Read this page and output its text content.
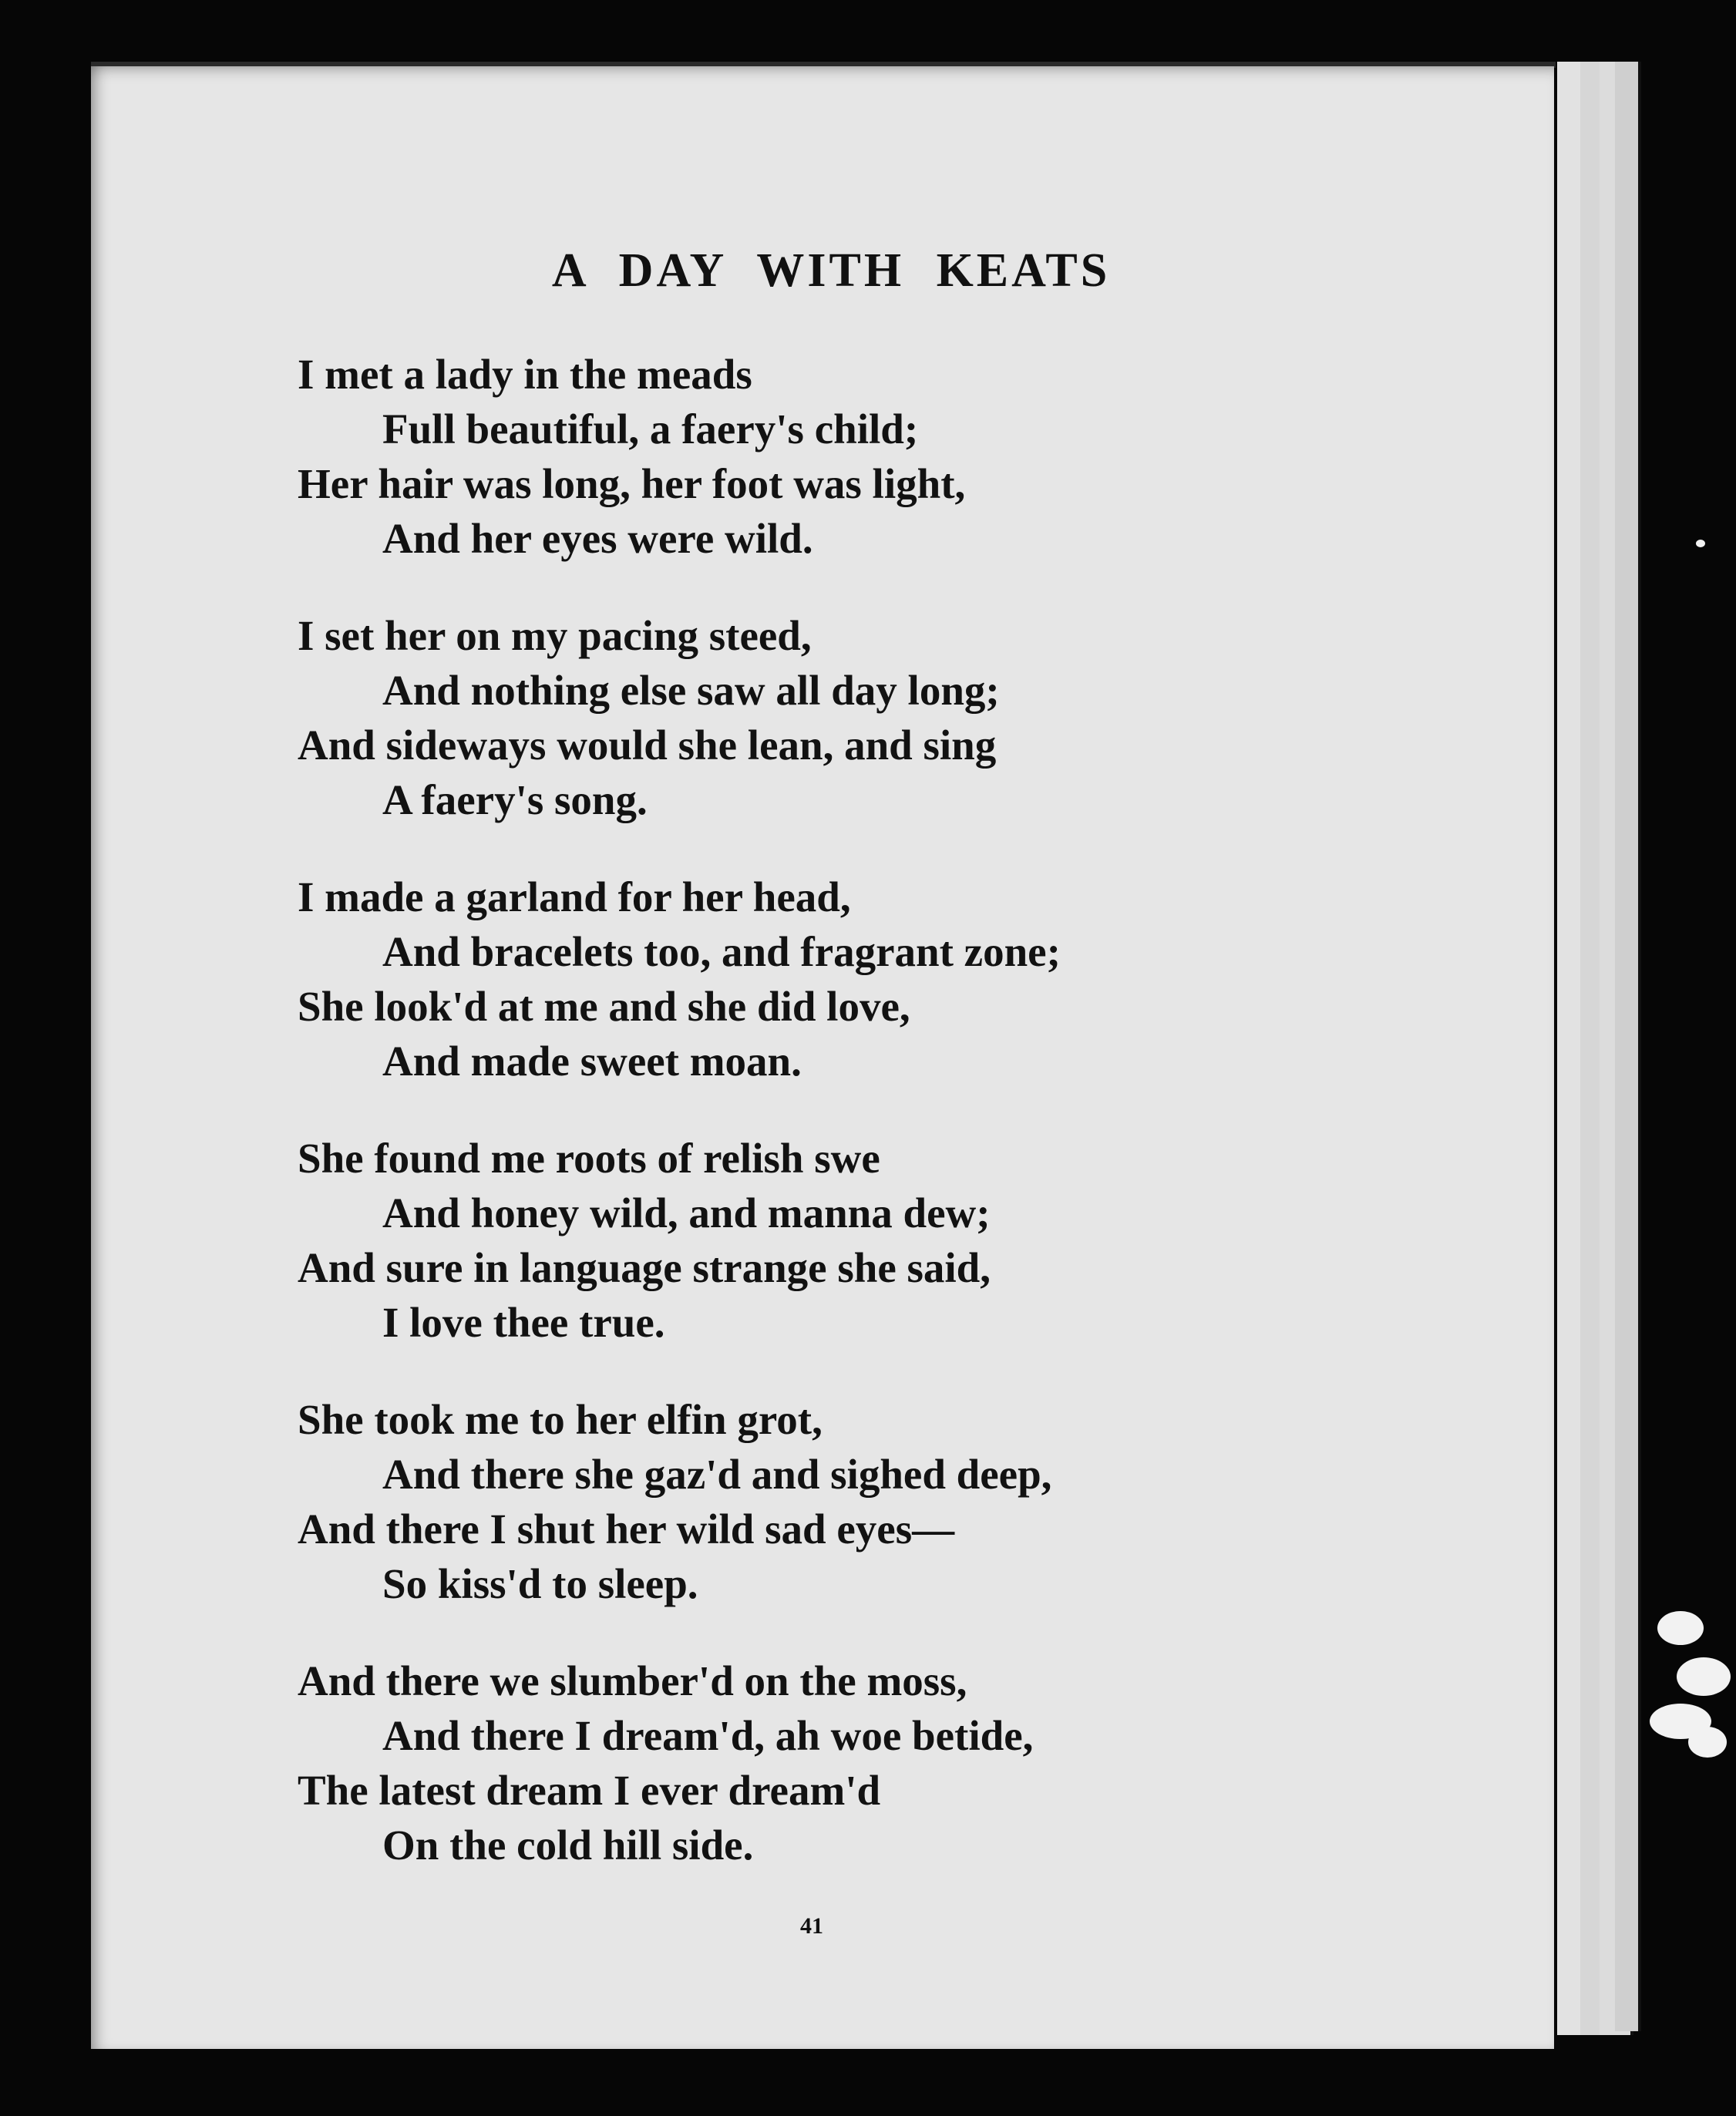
A DAY WITH KEATS
I met a lady in the meads
Full beautiful, a faery's child;
Her hair was long, her foot was light,
And her eyes were wild.
I set her on my pacing steed,
And nothing else saw all day long;
And sideways would she lean, and sing
A faery's song.
I made a garland for her head,
And bracelets too, and fragrant zone;
She look'd at me and she did love,
And made sweet moan.
She found me roots of relish swe
And honey wild, and manna dew;
And sure in language strange she said,
I love thee true.
She took me to her elfin grot,
And there she gaz'd and sighed deep,
And there I shut her wild sad eyes—
So kiss'd to sleep.
And there we slumber'd on the moss,
And there I dream'd, ah woe betide,
The latest dream I ever dream'd
On the cold hill side.
41
